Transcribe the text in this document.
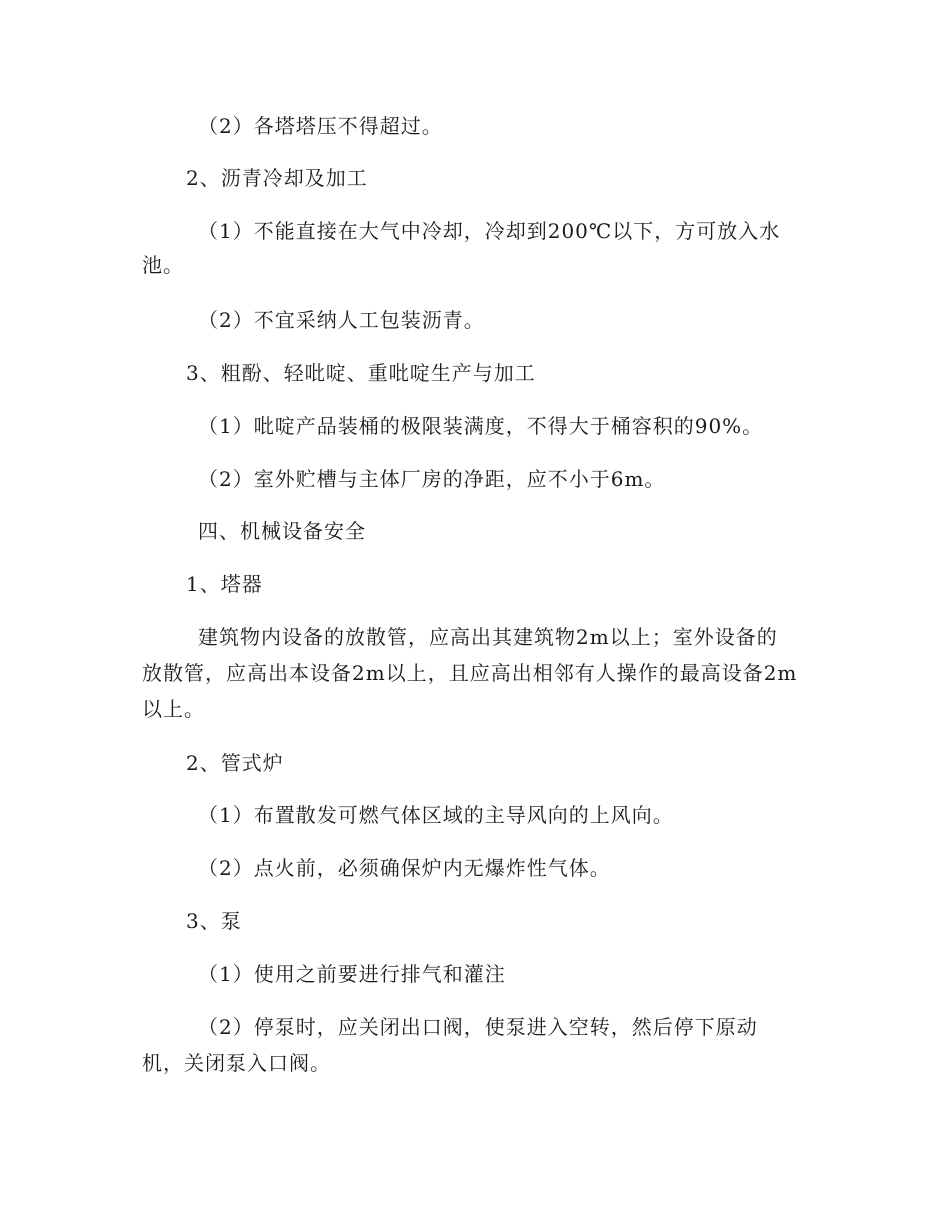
（2）各塔塔压不得超过。
2、沥青冷却及加工
（1）不能直接在大气中冷却，冷却到200℃以下，方可放入水
池。
（2）不宜采纳人工包装沥青。
3、粗酚、轻吡啶、重吡啶生产与加工
（1）吡啶产品装桶的极限装满度，不得大于桶容积的90%。
（2）室外贮槽与主体厂房的净距，应不小于6m。
四、机械设备安全
1、塔器
建筑物内设备的放散管，应高出其建筑物2m以上；室外设备的
放散管，应高出本设备2m以上，且应高出相邻有人操作的最高设备2m
以上。
2、管式炉
（1）布置散发可燃气体区域的主导风向的上风向。
（2）点火前，必须确保炉内无爆炸性气体。
3、泵
（1）使用之前要进行排气和灌注
（2）停泵时，应关闭出口阀，使泵进入空转，然后停下原动
机，关闭泵入口阀。
